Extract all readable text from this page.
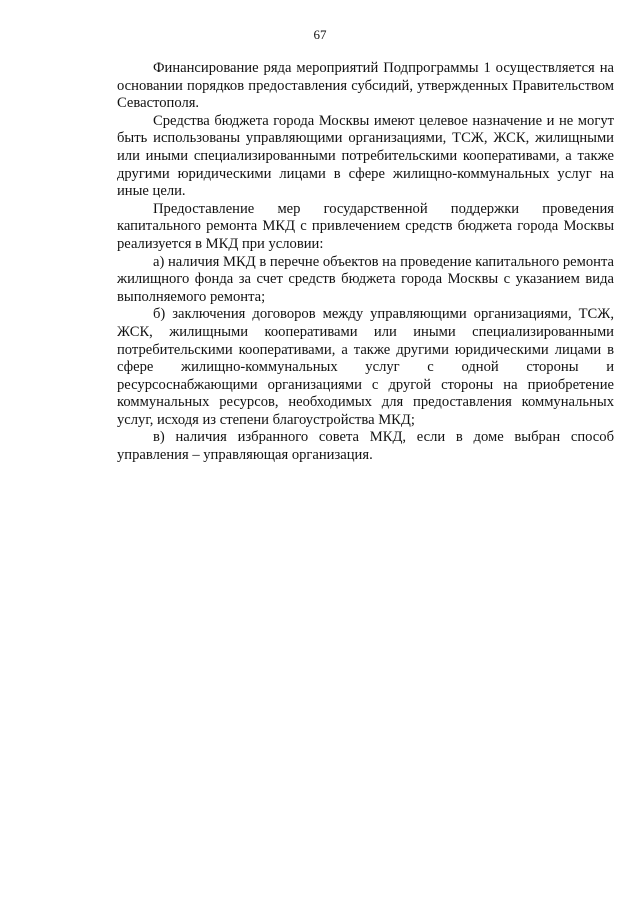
67

Финансирование ряда мероприятий Подпрограммы 1 осуществляется на основании порядков предоставления субсидий, утвержденных Правительством Севастополя.

Средства бюджета города Москвы имеют целевое назначение и не могут быть использованы управляющими организациями, ТСЖ, ЖСК, жилищными или иными специализированными потребительскими кооперативами, а также другими юридическими лицами в сфере жилищно-коммунальных услуг на иные цели.

Предоставление мер государственной поддержки проведения капитального ремонта МКД с привлечением средств бюджета города Москвы реализуется в МКД при условии:

а) наличия МКД в перечне объектов на проведение капитального ремонта жилищного фонда за счет средств бюджета города Москвы с указанием вида выполняемого ремонта;

б) заключения договоров между управляющими организациями, ТСЖ, ЖСК, жилищными кооперативами или иными специализированными потребительскими кооперативами, а также другими юридическими лицами в сфере жилищно-коммунальных услуг с одной стороны и ресурсоснабжающими организациями с другой стороны на приобретение коммунальных ресурсов, необходимых для предоставления коммунальных услуг, исходя из степени благоустройства МКД;

в) наличия избранного совета МКД, если в доме выбран способ управления – управляющая организация.
